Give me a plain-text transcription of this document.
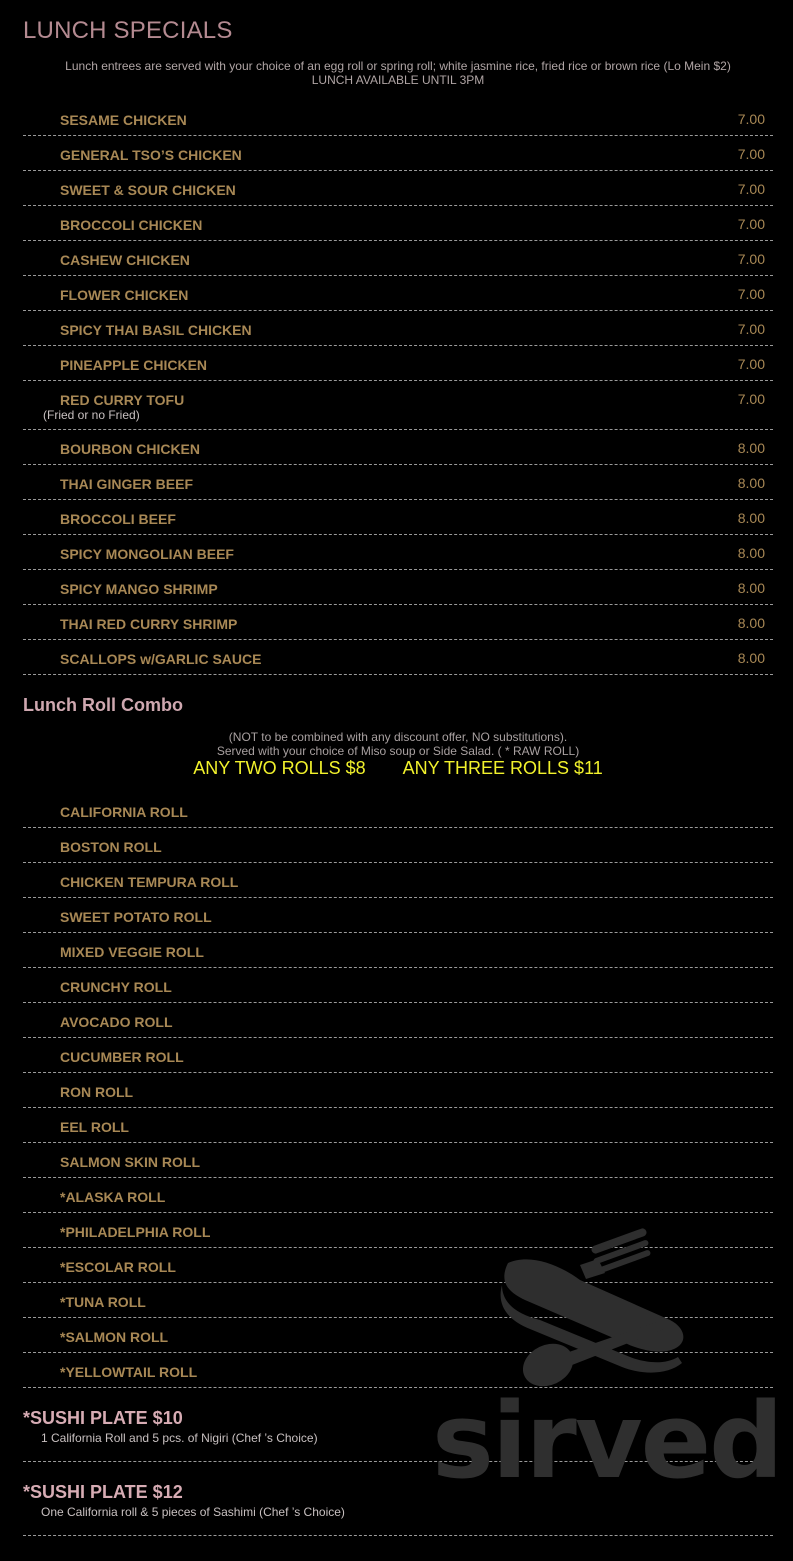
LUNCH SPECIALS
Lunch entrees are served with your choice of an egg roll or spring roll; white jasmine rice, fried rice or brown rice (Lo Mein $2)
LUNCH AVAILABLE UNTIL 3PM
SESAME CHICKEN	7.00
GENERAL TSO’S CHICKEN	7.00
SWEET & SOUR CHICKEN	7.00
BROCCOLI CHICKEN	7.00
CASHEW CHICKEN	7.00
FLOWER CHICKEN	7.00
SPICY THAI BASIL CHICKEN	7.00
PINEAPPLE CHICKEN	7.00
RED CURRY TOFU	7.00
(Fried or no Fried)
BOURBON CHICKEN	8.00
THAI GINGER BEEF	8.00
BROCCOLI BEEF	8.00
SPICY MONGOLIAN BEEF	8.00
SPICY MANGO SHRIMP	8.00
THAI RED CURRY SHRIMP	8.00
SCALLOPS w/GARLIC SAUCE	8.00
Lunch Roll Combo
(NOT to be combined with any discount offer, NO substitutions).
Served with your choice of Miso soup or Side Salad. ( * RAW ROLL)
ANY TWO ROLLS $8 ANY THREE ROLLS $11
CALIFORNIA ROLL
BOSTON ROLL
CHICKEN TEMPURA ROLL
SWEET POTATO ROLL
MIXED VEGGIE ROLL
CRUNCHY ROLL
AVOCADO ROLL
CUCUMBER ROLL
RON ROLL
EEL ROLL
SALMON SKIN ROLL
*ALASKA ROLL
*PHILADELPHIA ROLL
*ESCOLAR ROLL
*TUNA ROLL
*SALMON ROLL
*YELLOWTAIL ROLL
*SUSHI PLATE $10
1 California Roll and 5 pcs. of Nigiri (Chef ’s Choice)
*SUSHI PLATE $12
One California roll & 5 pieces of Sashimi (Chef ’s Choice)
sirved
